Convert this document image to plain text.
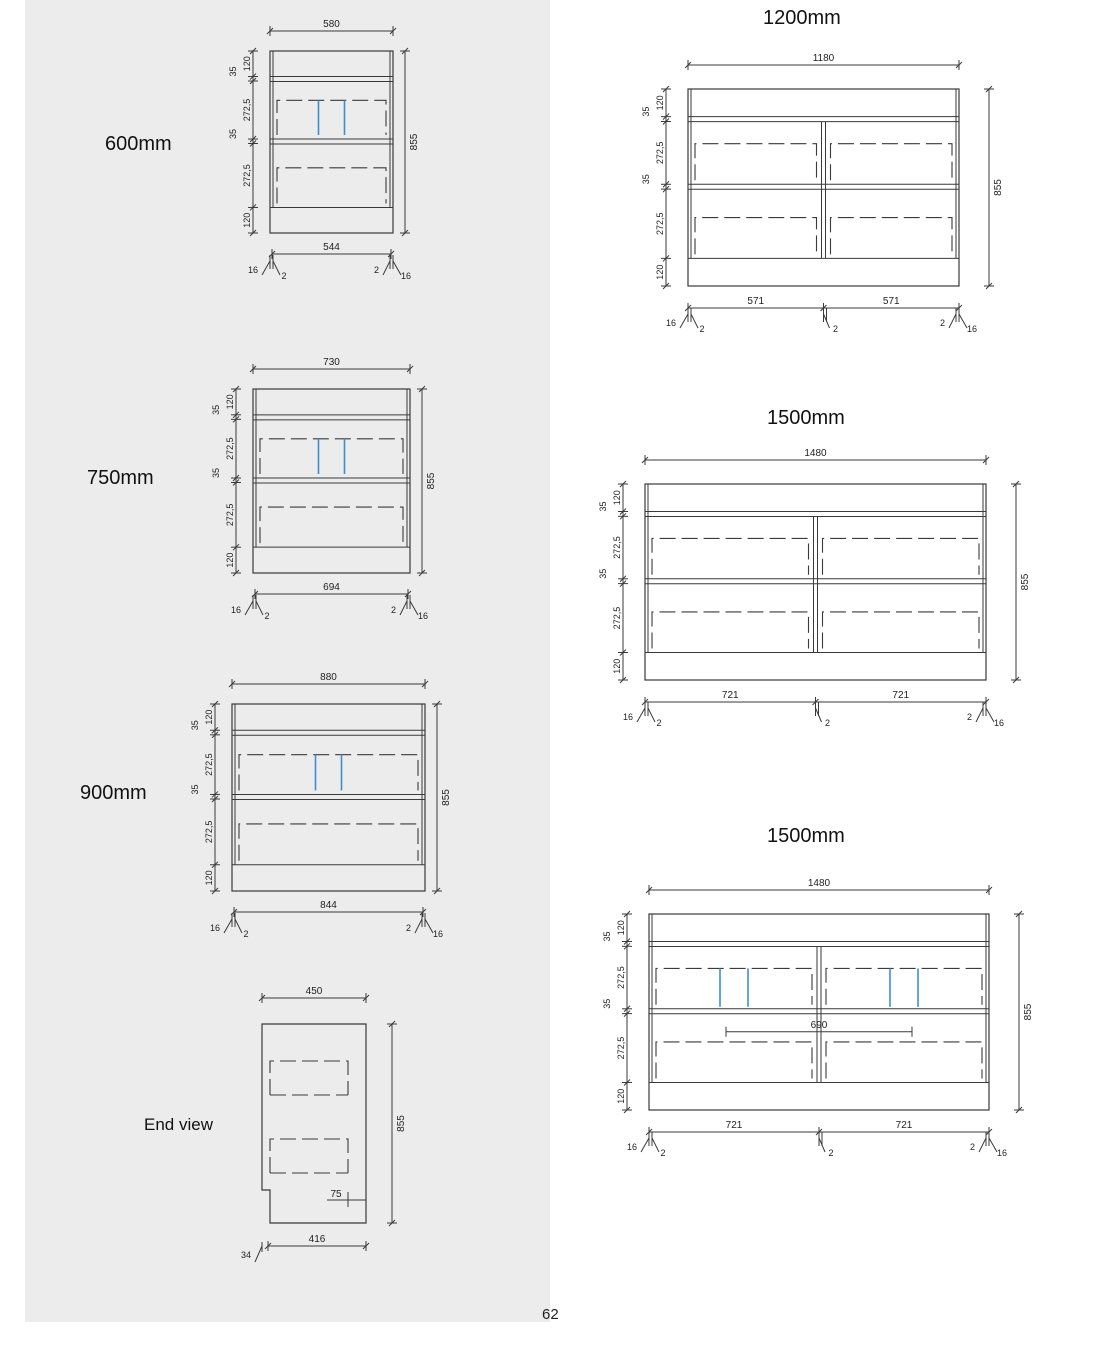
600mm
750mm
900mm
End view
1200mm
1500mm
1500mm
580
544
855
120
35
272,5
35
272,5
120
16
2
2
16
730
694
855
120
35
272,5
35
272,5
120
16
2
2
16
880
844
855
120
35
272,5
35
272,5
120
16
2
2
16
450
416
855
75
34
1180
571	571
855
120
35
272,5
35
272,5
120
16
2	2
2
16
1480
721	721
855
120
35
272,5
35
272,5
120
16
2	2
2
16
690
1480
721	721
855
120
35
272,5
35
272,5
120
16
2	2
2
16
62
